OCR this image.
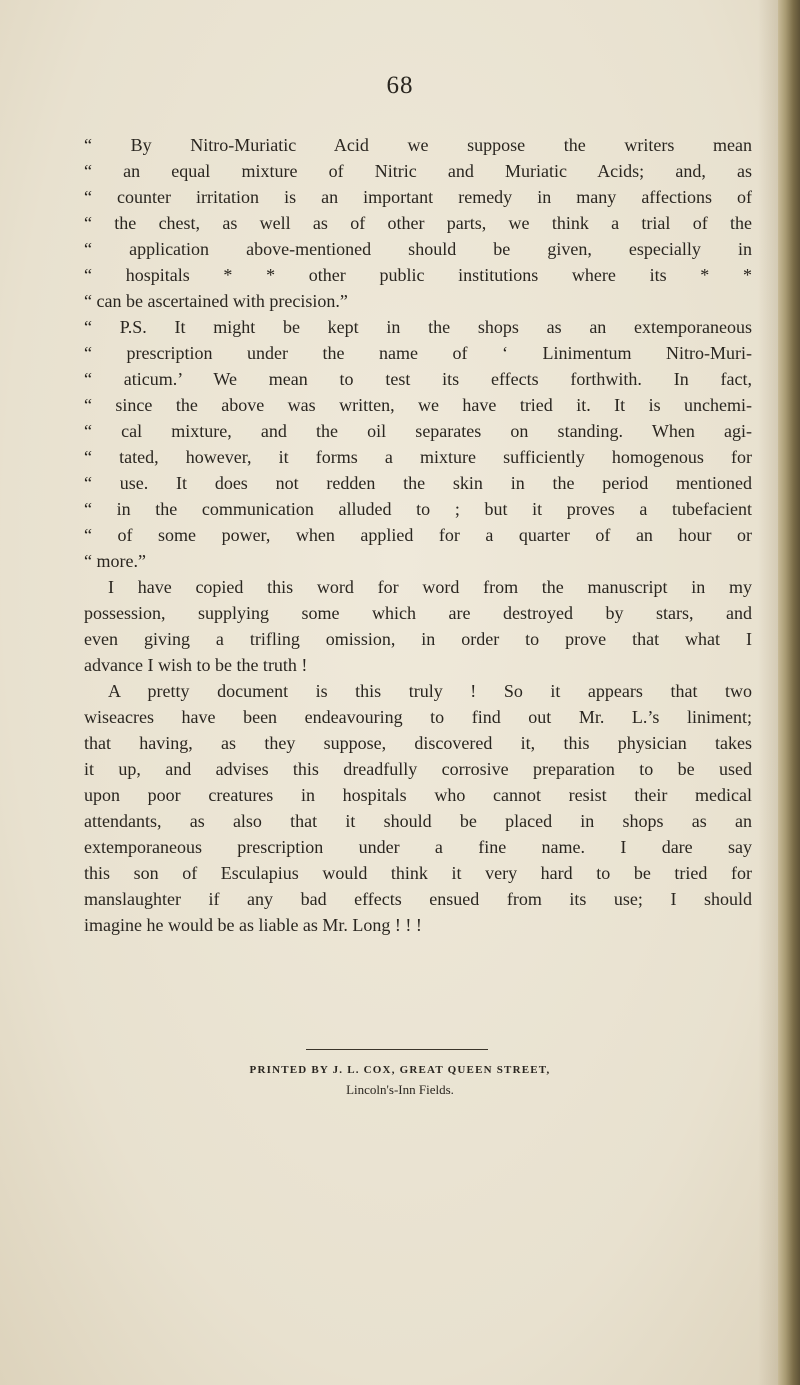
68
“ By Nitro-Muriatic Acid we suppose the writers mean
“ an equal mixture of Nitric and Muriatic Acids; and, as
“ counter irritation is an important remedy in many affections of
“ the chest, as well as of other parts, we think a trial of the
“ application above-mentioned should be given, especially in
“ hospitals * * other public institutions where its * *
“ can be ascertained with precision.”
“ P.S. It might be kept in the shops as an extemporaneous
“ prescription under the name of ‘ Linimentum Nitro-Muri-
“ aticum.’ We mean to test its effects forthwith. In fact,
“ since the above was written, we have tried it. It is unchemi-
“ cal mixture, and the oil separates on standing. When agi-
“ tated, however, it forms a mixture sufficiently homogenous for
“ use. It does not redden the skin in the period mentioned
“ in the communication alluded to ; but it proves a tubefacient
“ of some power, when applied for a quarter of an hour or
“ more.”
I have copied this word for word from the manuscript in my
possession, supplying some which are destroyed by stars, and
even giving a trifling omission, in order to prove that what I
advance I wish to be the truth !
A pretty document is this truly ! So it appears that two
wiseacres have been endeavouring to find out Mr. L.’s liniment;
that having, as they suppose, discovered it, this physician takes
it up, and advises this dreadfully corrosive preparation to be used
upon poor creatures in hospitals who cannot resist their medical
attendants, as also that it should be placed in shops as an
extemporaneous prescription under a fine name. I dare say
this son of Esculapius would think it very hard to be tried for
manslaughter if any bad effects ensued from its use; I should
imagine he would be as liable as Mr. Long ! ! !
PRINTED BY J. L. COX, GREAT QUEEN STREET,
Lincoln's-Inn Fields.
